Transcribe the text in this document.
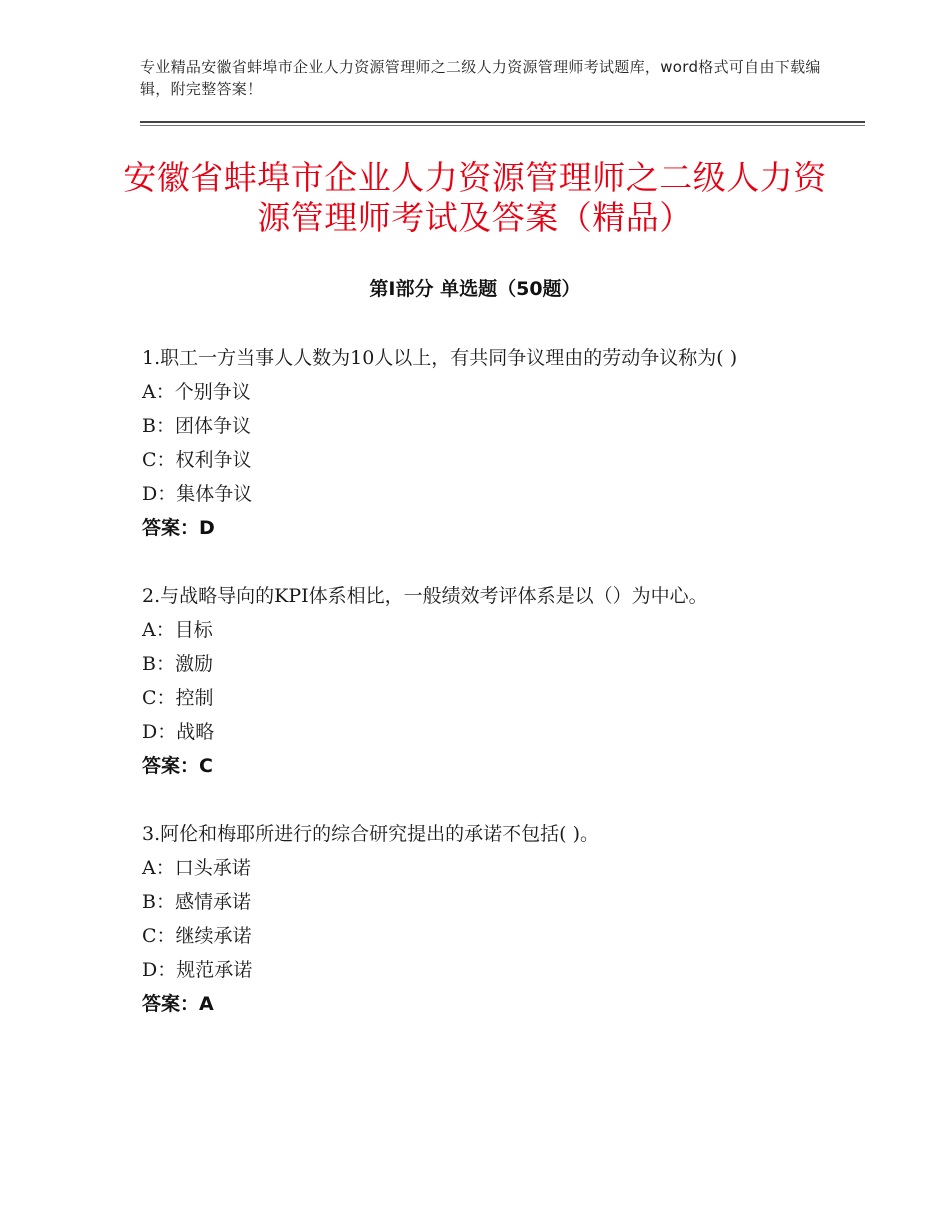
专业精品安徽省蚌埠市企业人力资源管理师之二级人力资源管理师考试题库，word格式可自由下载编辑，附完整答案！
安徽省蚌埠市企业人力资源管理师之二级人力资源管理师考试及答案（精品）
第I部分 单选题（50题）
1.职工一方当事人人数为10人以上，有共同争议理由的劳动争议称为( )
A：个别争议
B：团体争议
C：权利争议
D：集体争议
答案：D
2.与战略导向的KPI体系相比，一般绩效考评体系是以（）为中心。
A：目标
B：激励
C：控制
D：战略
答案：C
3.阿伦和梅耶所进行的综合研究提出的承诺不包括( )。
A：口头承诺
B：感情承诺
C：继续承诺
D：规范承诺
答案：A
